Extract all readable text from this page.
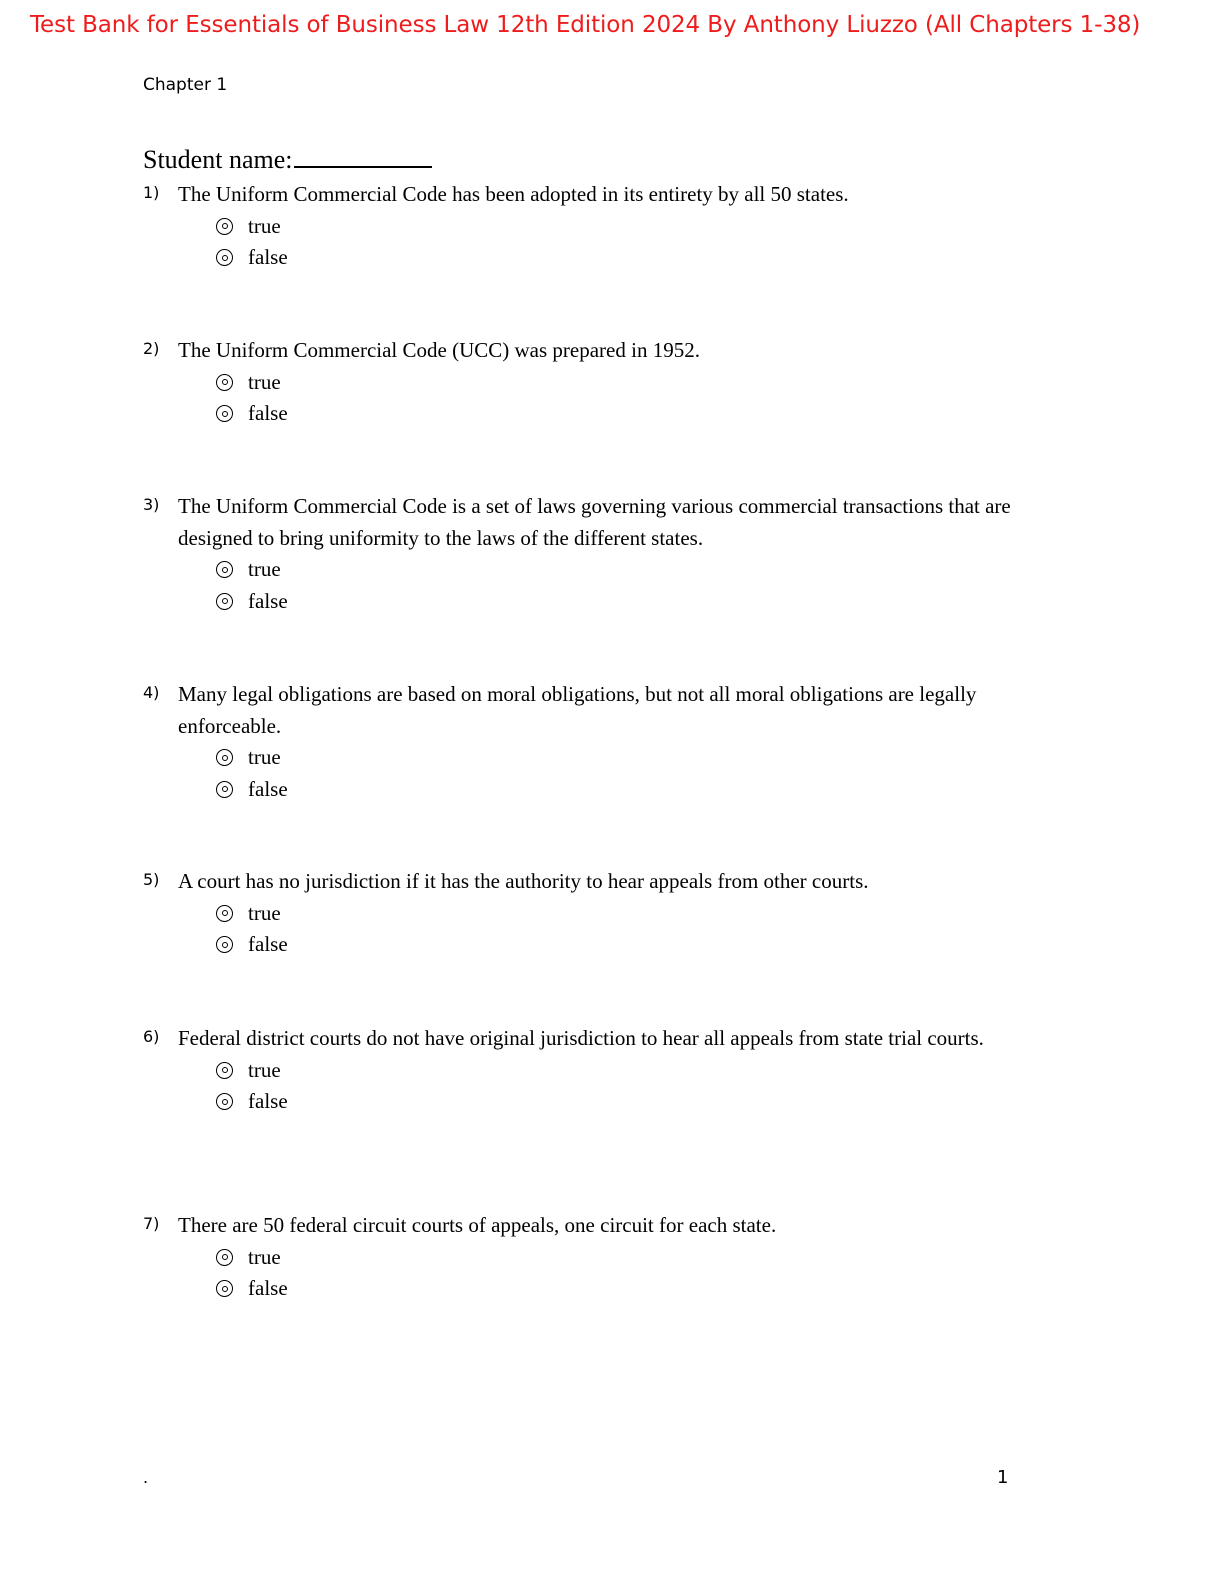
Test Bank for Essentials of Business Law 12th Edition 2024 By Anthony Liuzzo (All Chapters 1-38)
Chapter 1
Student name:
1) The Uniform Commercial Code has been adopted in its entirety by all 50 states.
true
false
2) The Uniform Commercial Code (UCC) was prepared in 1952.
true
false
3) The Uniform Commercial Code is a set of laws governing various commercial transactions that are designed to bring uniformity to the laws of the different states.
true
false
4) Many legal obligations are based on moral obligations, but not all moral obligations are legally enforceable.
true
false
5) A court has no jurisdiction if it has the authority to hear appeals from other courts.
true
false
6) Federal district courts do not have original jurisdiction to hear all appeals from state trial courts.
true
false
7) There are 50 federal circuit courts of appeals, one circuit for each state.
true
false
.	1
